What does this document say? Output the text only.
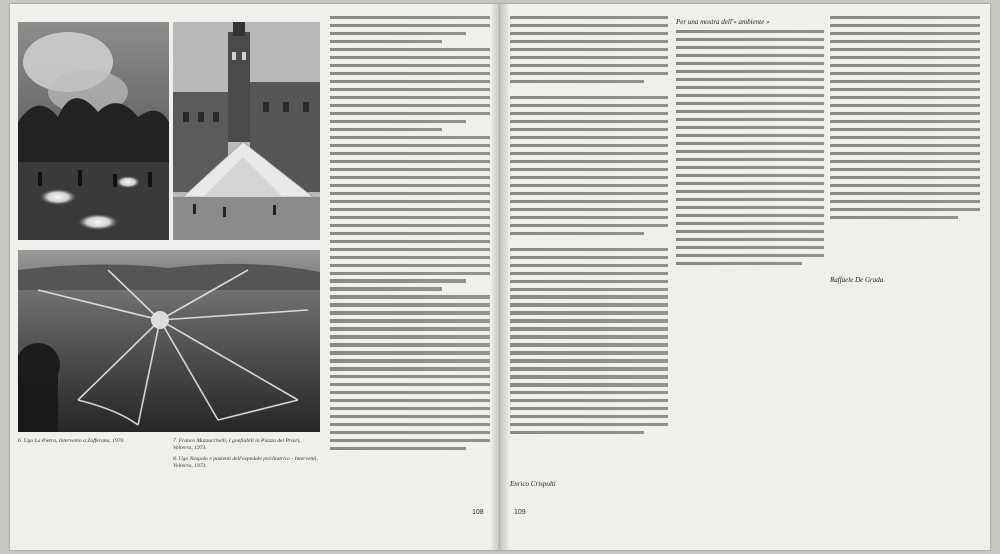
6. Ugo La Pietra, Intervento a Zafferana, 1970.	7. Franco Mazzucchelli, I gonfiabili in Piazza dei Priori, Volterra, 1973.
8. Ugo Nespolo e pazienti dell'ospedale psichiatrico - Interventi, Volterra, 1973.
108
Enrico Crispolti
Per una mostra dell'« ambiente »
Raffaele De Grada
109
